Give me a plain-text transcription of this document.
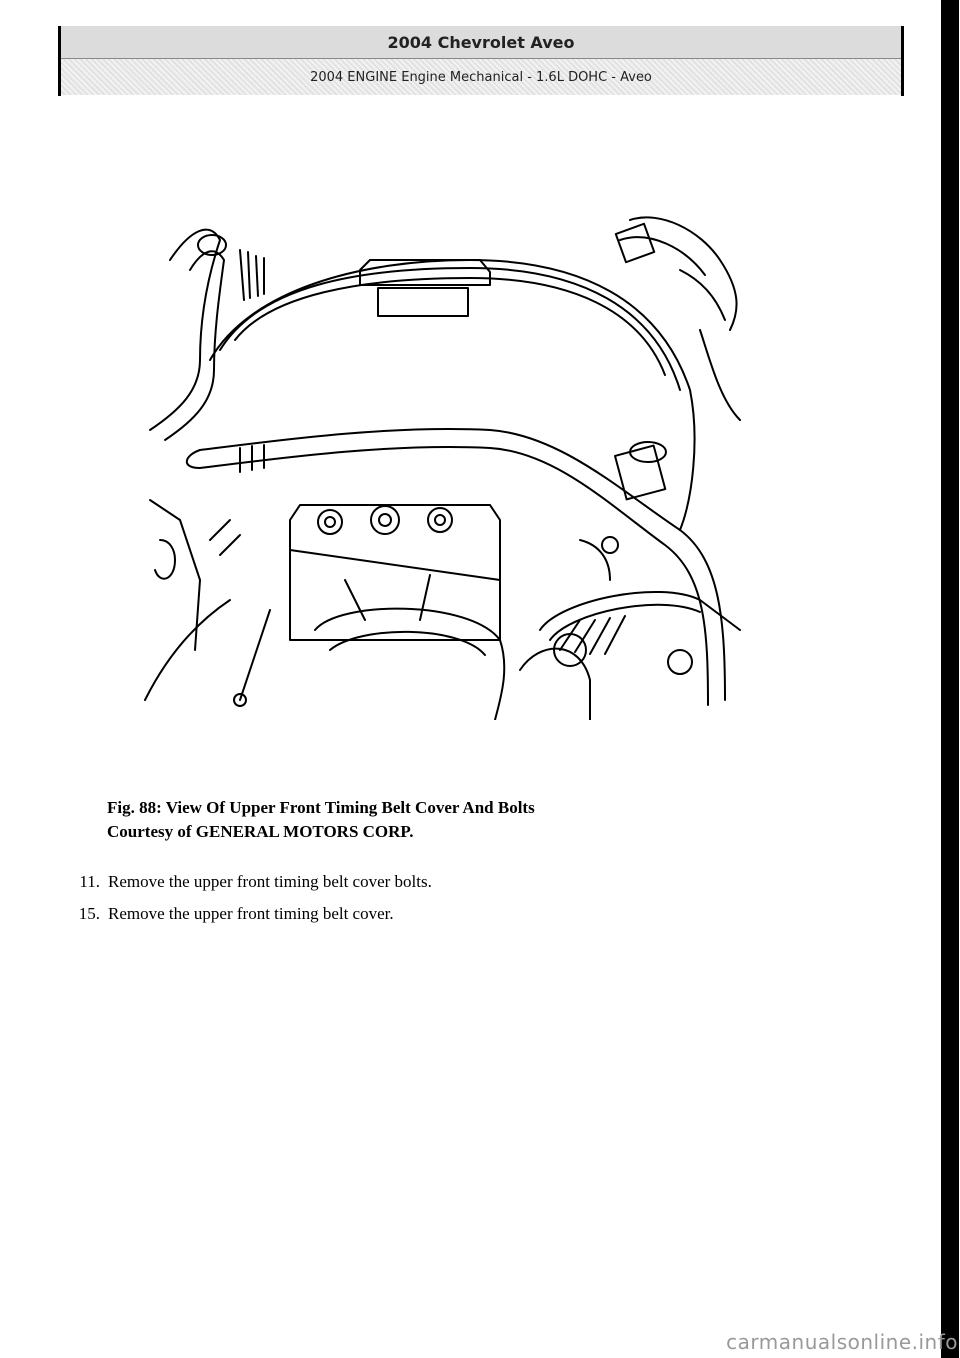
2004 Chevrolet Aveo
2004 ENGINE Engine Mechanical - 1.6L DOHC - Aveo
Fig. 88: View Of Upper Front Timing Belt Cover And Bolts
Courtesy of GENERAL MOTORS CORP.
11. Remove the upper front timing belt cover bolts.
15. Remove the upper front timing belt cover.
carmanualsonline.info
